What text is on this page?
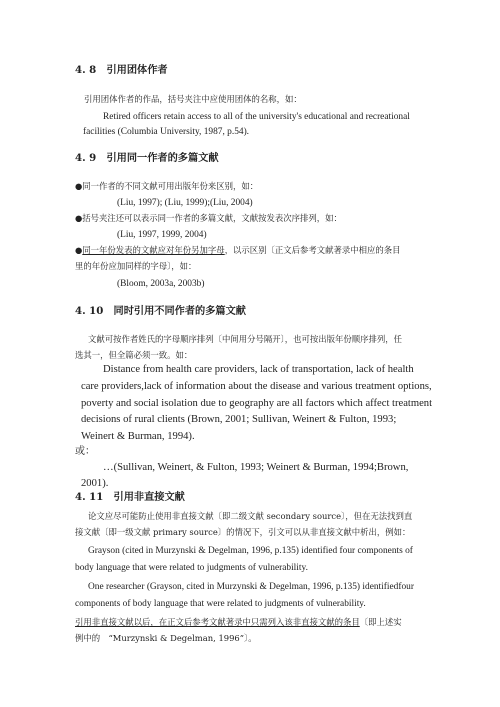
4. 8　引用团体作者
引用团体作者的作品，括号夹注中应使用团体的名称，如：
Retired officers retain access to all of the university's educational and recreational
facilities (Columbia University, 1987, p.54).
4. 9　引用同一作者的多篇文献
●同一作者的不同文献可用出版年份来区别，如：
(Liu, 1997); (Liu, 1999);(Liu, 2004)
●括号夹注还可以表示同一作者的多篇文献，文献按发表次序排列，如：
(Liu, 1997, 1999, 2004)
●同一年份发表的文献应对年份另加字母，以示区别〔正文后参考文献著录中相应的条目
里的年份应加同样的字母〕，如：
(Bloom, 2003a, 2003b)
4. 10　同时引用不同作者的多篇文献
文献可按作者姓氏的字母顺序排列〔中间用分号隔开〕，也可按出版年份顺序排列，任
选其一，但全篇必须一致。如：
Distance from health care providers, lack of transportation, lack of health
care providers,lack of information about the disease and various treatment options,
poverty and social isolation due to geography are all factors which affect treatment
decisions of rural clients (Brown, 2001; Sullivan, Weinert & Fulton, 1993;
Weinert & Burman, 1994).
或：
…(Sullivan, Weinert, & Fulton, 1993; Weinert & Burman, 1994;Brown,
2001).
4. 11　引用非直接文献
论文应尽可能防止使用非直接文献〔即二级文献 secondary source〕，但在无法找到直
接文献〔即一级文献 primary source〕的情况下，引文可以从非直接文献中析出，例如：
Grayson (cited in Murzynski & Degelman, 1996, p.135) identified four components of
body language that were related to judgments of vulnerability.
One researcher (Grayson, cited in Murzynski & Degelman, 1996, p.135) identifiedfour
components of body language that were related to judgments of vulnerability.
引用非直接文献以后，在正文后参考文献著录中只需列入该非直接文献的条目〔即上述实
例中的　“Murzynski & Degelman, 1996”〕。
